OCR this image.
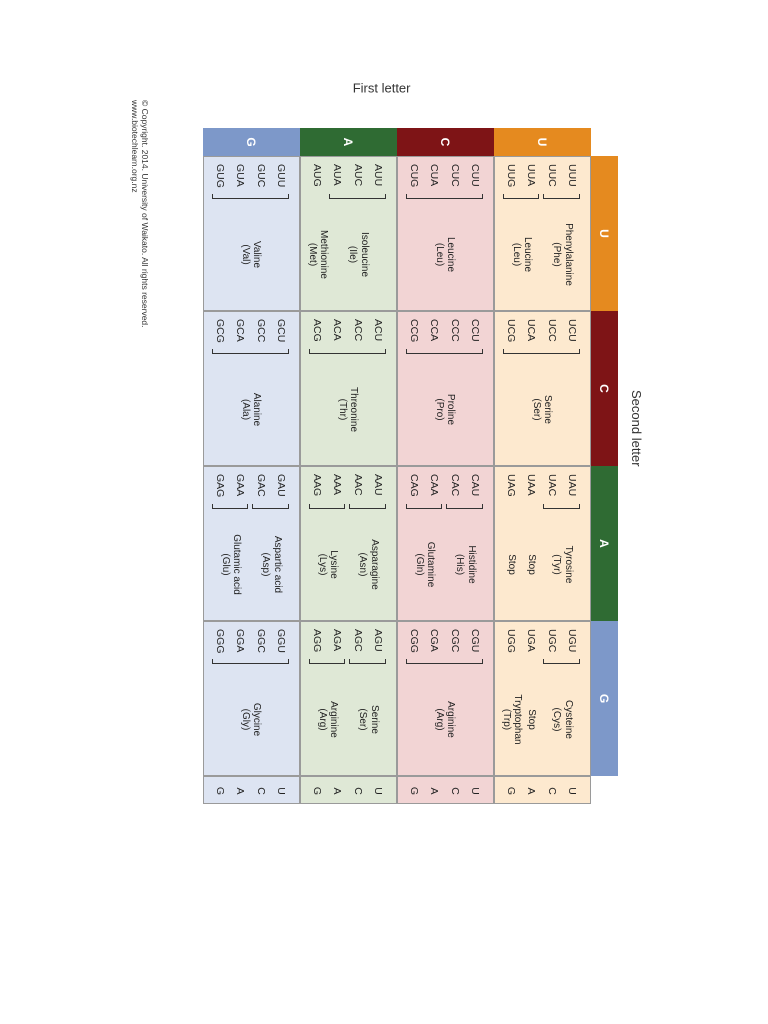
Second letter
First letter
U
C
A
G
U
UUU
UUC
UUA
UUG
Phenylalanine
(Phe)
Leucine
(Leu)
UCU
UCC
UCA
UCG
Serine
(Ser)
UAU
UAC
UAA
UAG
Tyrosine
(Tyr)
Stop
Stop
UGU
UGC
UGA
UGG
Cysteine
(Cys)
Stop
Tryptophan
(Trp)
U
C
A
G
C
CUU
CUC
CUA
CUG
Leucine
(Leu)
CCU
CCC
CCA
CCG
Proline
(Pro)
CAU
CAC
CAA
CAG
Histidine
(His)
Glutamine
(Gln)
CGU
CGC
CGA
CGG
Arginine
(Arg)
U
C
A
G
A
AUU
AUC
AUA
AUG
Isoleucine
(Ile)
Methionine
(Met)
ACU
ACC
ACA
ACG
Threonine
(Thr)
AAU
AAC
AAA
AAG
Asparagine
(Asn)
Lysine
(Lys)
AGU
AGC
AGA
AGG
Serine
(Ser)
Arginine
(Arg)
U
C
A
G
G
GUU
GUC
GUA
GUG
Valine
(Val)
GCU
GCC
GCA
GCG
Alanine
(Ala)
GAU
GAC
GAA
GAG
Aspartic acid
(Asp)
Glutamic acid
(Glu)
GGU
GGC
GGA
GGG
Glycine
(Gly)
U
C
A
G
© Copyright. 2014. University of Waikato. All rights reserved.
www.biotechlearn.org.nz
